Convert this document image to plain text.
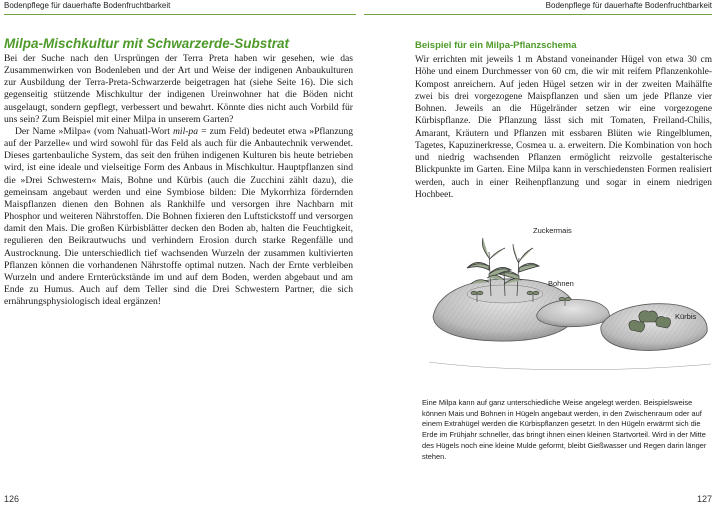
Bodenpflege für dauerhafte Bodenfruchtbarkeit
Milpa-Mischkultur mit Schwarzerde-Substrat

Bei der Suche nach den Ursprüngen der Terra Preta haben wir gesehen, wie das Zusammenwirken von Bodenleben und der Art und Weise der indigenen Anbaukulturen zur Ausbildung der Terra-Preta-Schwarzerde beigetragen hat (siehe Seite 16). Die sich gegenseitig stützende Mischkultur der indigenen Ureinwohner hat die Böden nicht ausgelaugt, sondern gepflegt, verbessert und bewahrt. Könnte dies nicht auch Vorbild für uns sein? Zum Beispiel mit einer Milpa in unserem Garten?

Der Name »Milpa« (vom Nahuatl-Wort mil-pa = zum Feld) bedeutet etwa »Pflanzung auf der Parzelle« und wird sowohl für das Feld als auch für die Anbautechnik verwendet. Dieses gartenbauliche System, das seit den frühen indigenen Kulturen bis heute betrieben wird, ist eine ideale und vielseitige Form des Anbaus in Mischkultur. Hauptpflanzen sind die »Drei Schwestern« Mais, Bohne und Kürbis (auch die Zucchini zählt dazu), die gemeinsam angebaut werden und eine Symbiose bilden: Die Mykorrhiza fördernden Maispflanzen dienen den Bohnen als Rankhilfe und versorgen ihre Nachbarn mit Phosphor und weiteren Nährstoffen. Die Bohnen fixieren den Luftstickstoff und versorgen damit den Mais. Die großen Kürbisblätter decken den Boden ab, halten die Feuchtigkeit, regulieren den Beikrautwuchs und verhindern Erosion durch starke Regenfälle und Austrocknung. Die unterschiedlich tief wachsenden Wurzeln der zusammen kultivierten Pflanzen können die vorhandenen Nährstoffe optimal nutzen. Nach der Ernte verbleiben Wurzeln und andere Ernterückstände im und auf dem Boden, werden abgebaut und am Ende zu Humus. Auch auf dem Teller sind die Drei Schwestern Partner, die sich ernährungsphysiologisch ideal ergänzen!

126
Bodenpflege für dauerhafte Bodenfruchtbarkeit
Beispiel für ein Milpa-Pflanzschema

Wir errichten mit jeweils 1 m Abstand voneinander Hügel von etwa 30 cm Höhe und einem Durchmesser von 60 cm, die wir mit reifem Pflanzenkohle-Kompost anreichern. Auf jeden Hügel setzen wir in der zweiten Maihälfte zwei bis drei vorgezogene Maispflanzen und säen um jede Pflanze vier Bohnen. Jeweils an die Hügelränder setzen wir eine vorgezogene Kürbispflanze. Die Pflanzung lässt sich mit Tomaten, Freiland-Chilis, Amarant, Kräutern und Pflanzen mit essbaren Blüten wie Ringelblumen, Tagetes, Kapuzinerkresse, Cosmea u. a. erweitern. Die Kombination von hoch und niedrig wachsenden Pflanzen ermöglicht reizvolle gestalterische Blickpunkte im Garten. Eine Milpa kann in verschiedensten Formen realisiert werden, auch in einer Reihenpflanzung und sogar in einem niedrigen Hochbeet.

Zuckermais
Bohnen
Kürbis
Eine Milpa kann auf ganz unterschiedliche Weise angelegt werden. Beispielsweise können Mais und Bohnen in Hügeln angebaut werden, in den Zwischenraum oder auf einem Extrahügel werden die Kürbispflanzen gesetzt. In den Hügeln erwärmt sich die Erde im Frühjahr schneller, das bringt ihnen einen kleinen Startvorteil. Wird in der Mitte des Hügels noch eine kleine Mulde geformt, bleibt Gießwasser und Regen darin länger stehen.
127
